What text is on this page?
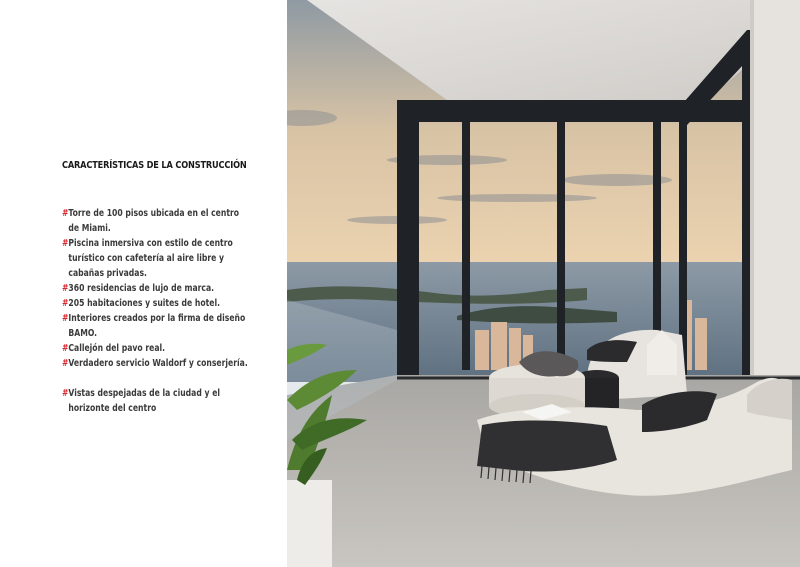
CARACTERÍSTICAS DE LA CONSTRUCCIÓN
# Torre de 100 pisos ubicada en el centro de Miami.
# Piscina inmersiva con estilo de centro turístico con cafetería al aire libre y cabañas privadas.
# 360 residencias de lujo de marca.
# 205 habitaciones y suites de hotel.
# Interiores creados por la firma de diseño BAMO.
# Callejón del pavo real.
# Verdadero servicio Waldorf y conserjería.
# Vistas despejadas de la ciudad y el horizonte del centro
